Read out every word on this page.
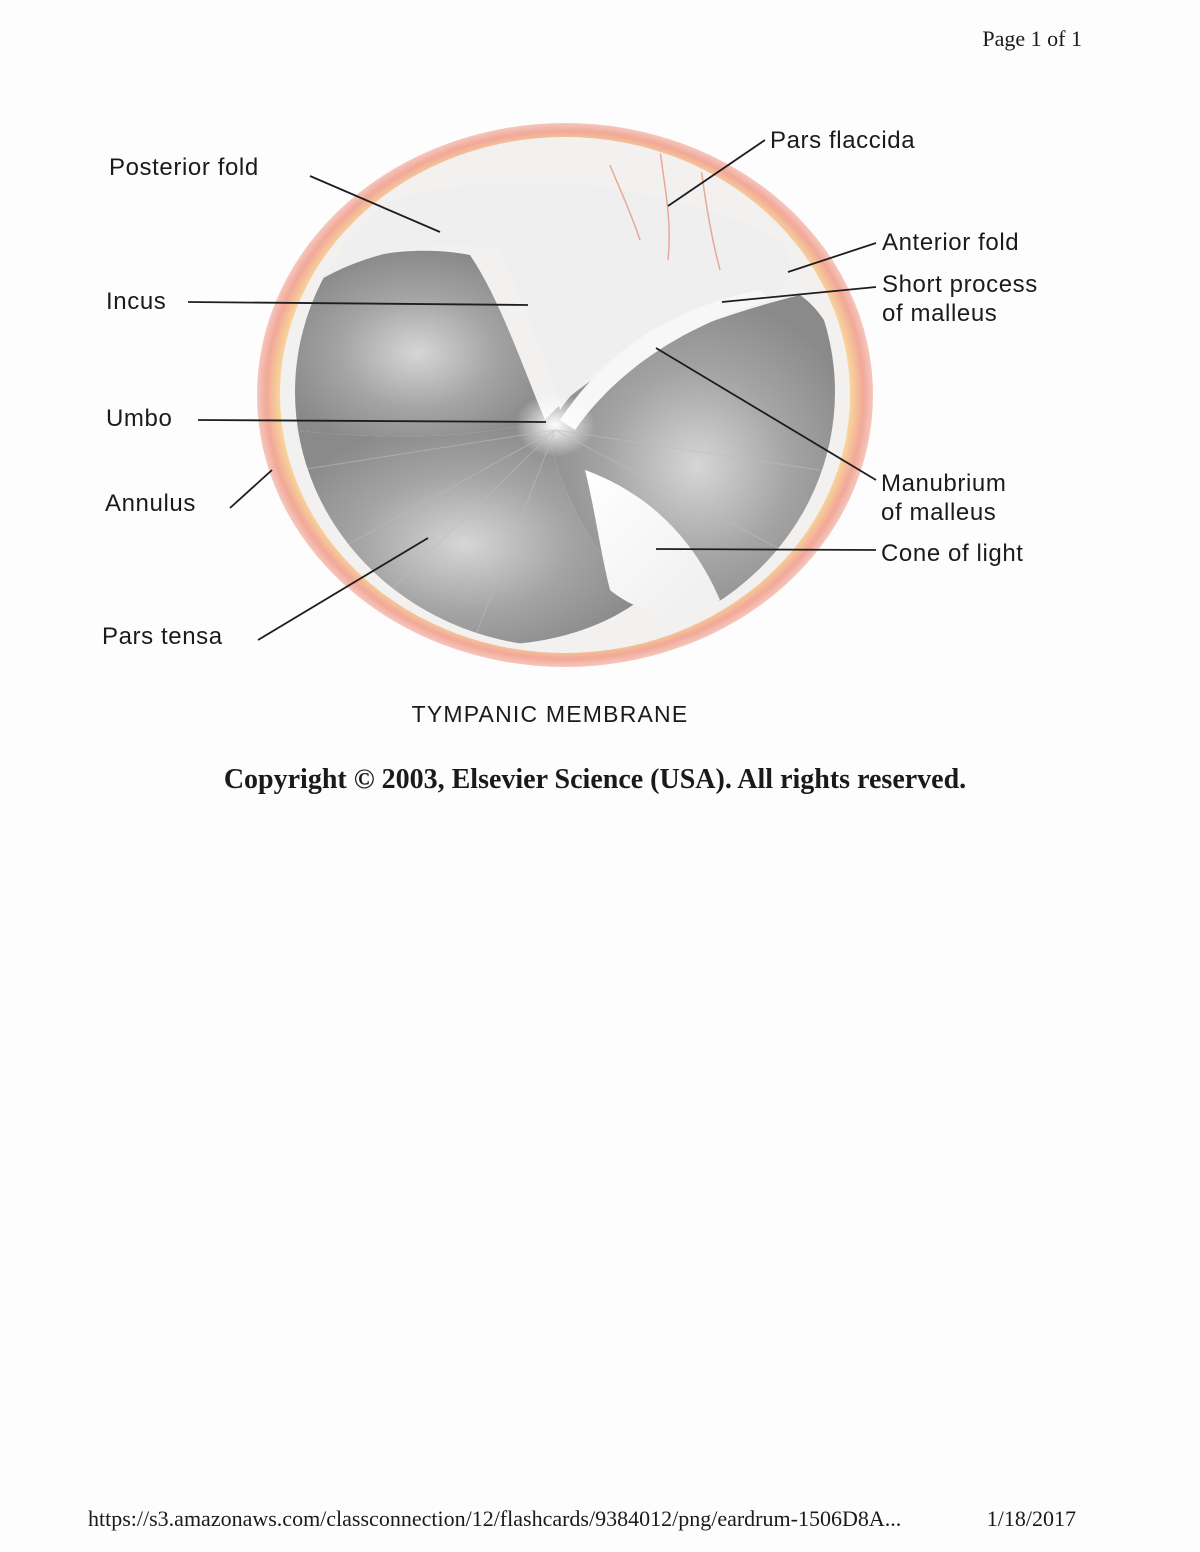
Page 1 of 1
Posterior fold
Incus
Umbo
Annulus
Pars tensa
Pars flaccida
Anterior fold
Short process
of malleus
Manubrium
of malleus
Cone of light
TYMPANIC MEMBRANE
Copyright © 2003, Elsevier Science (USA). All rights reserved.
https://s3.amazonaws.com/classconnection/12/flashcards/9384012/png/eardrum-1506D8A...	1/18/2017
